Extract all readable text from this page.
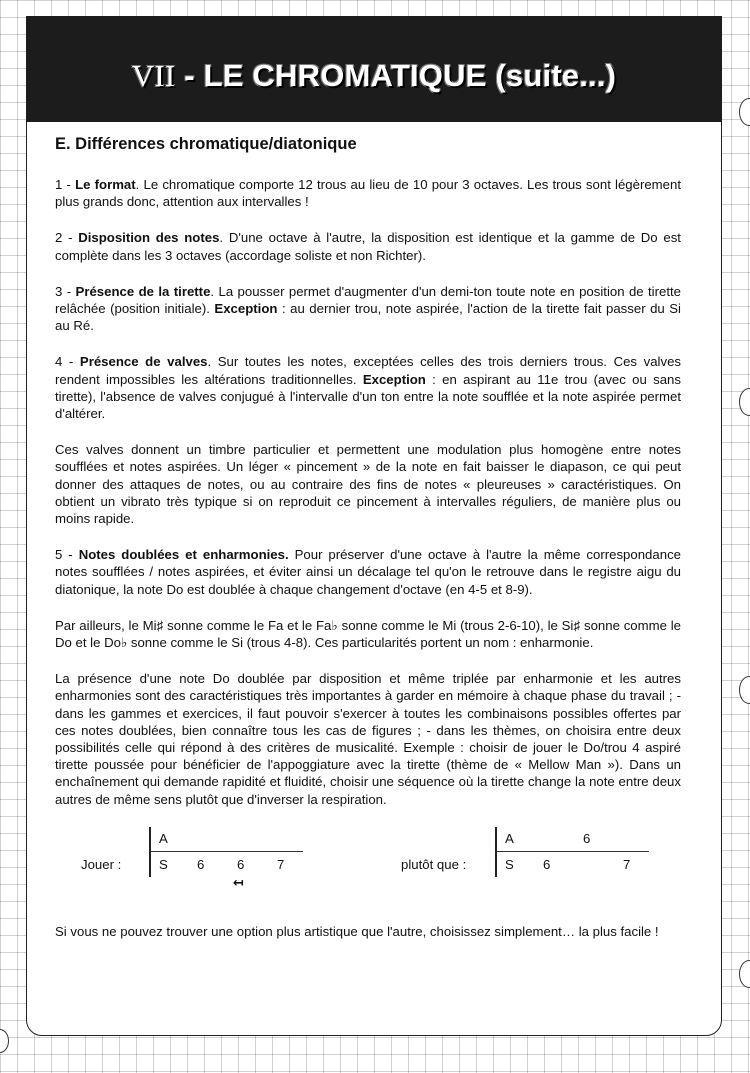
VII - LE CHROMATIQUE (suite...)
E. Différences chromatique/diatonique

1 - Le format. Le chromatique comporte 12 trous au lieu de 10 pour 3 octaves. Les trous sont légèrement plus grands donc, attention aux intervalles !

2 - Disposition des notes. D'une octave à l'autre, la disposition est identique et la gamme de Do est complète dans les 3 octaves (accordage soliste et non Richter).

3 - Présence de la tirette. La pousser permet d'augmenter d'un demi-ton toute note en position de tirette relâchée (position initiale). Exception : au dernier trou, note aspirée, l'action de la tirette fait passer du Si au Ré.

4 - Présence de valves. Sur toutes les notes, exceptées celles des trois derniers trous. Ces valves rendent impossibles les altérations traditionnelles. Exception : en aspirant au 11e trou (avec ou sans tirette), l'absence de valves conjugué à l'intervalle d'un ton entre la note soufflée et la note aspirée permet d'altérer.

Ces valves donnent un timbre particulier et permettent une modulation plus homogène entre notes soufflées et notes aspirées. Un léger « pincement » de la note en fait baisser le diapason, ce qui peut donner des attaques de notes, ou au contraire des fins de notes « pleureuses » caractéristiques. On obtient un vibrato très typique si on reproduit ce pincement à intervalles réguliers, de manière plus ou moins rapide.

5 - Notes doublées et enharmonies. Pour préserver d'une octave à l'autre la même correspondance notes soufflées / notes aspirées, et éviter ainsi un décalage tel qu'on le retrouve dans le registre aigu du diatonique, la note Do est doublée à chaque changement d'octave (en 4-5 et 8-9).

Par ailleurs, le Mi♯ sonne comme le Fa et le Fa♭ sonne comme le Mi (trous 2-6-10), le Si♯ sonne comme le Do et le Do♭ sonne comme le Si (trous 4-8). Ces particularités portent un nom : enharmonie.

La présence d'une note Do doublée par disposition et même triplée par enharmonie et les autres enharmonies sont des caractéristiques très importantes à garder en mémoire à chaque phase du travail ; - dans les gammes et exercices, il faut pouvoir s'exercer à toutes les combinaisons possibles offertes par ces notes doublées, bien connaître tous les cas de figures ; - dans les thèmes, on choisira entre deux possibilités celle qui répond à des critères de musicalité. Exemple : choisir de jouer le Do/trou 4 aspiré tirette poussée pour bénéficier de l'appoggiature avec la tirette (thème de « Mellow Man »). Dans un enchaînement qui demande rapidité et fluidité, choisir une séquence où la tirette change la note entre deux autres de même sens plutôt que d'inverser la respiration.

Jouer :
A
S 6 6 7
↤
plutôt que :
A	6
S 6	7

Si vous ne pouvez trouver une option plus artistique que l'autre, choisissez simplement… la plus facile !
